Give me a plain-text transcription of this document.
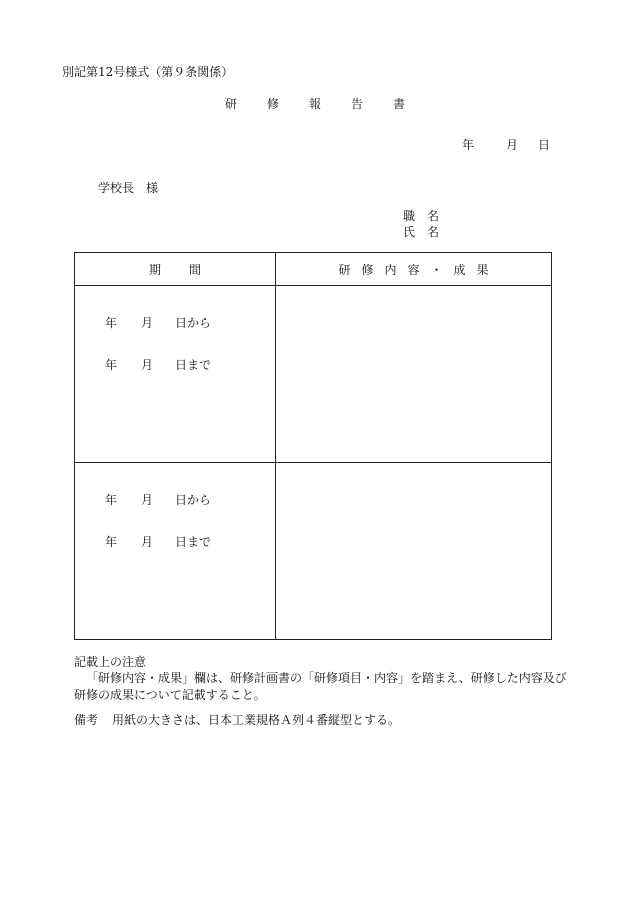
別記第12号様式（第９条関係）
研 修 報 告 書
年	月 日
学校長　様
職 名
氏 名
期 間	研 修 内 容 ・ 成 果

年 月 日から
年 月 日まで	

年 月 日から
年 月 日まで	

記載上の注意
「研修内容・成果」欄は、研修計画書の「研修項目・内容」を踏まえ、研修した内容及び研修の成果について記載すること。
備考 用紙の大きさは、日本工業規格Ａ列４番縦型とする。
